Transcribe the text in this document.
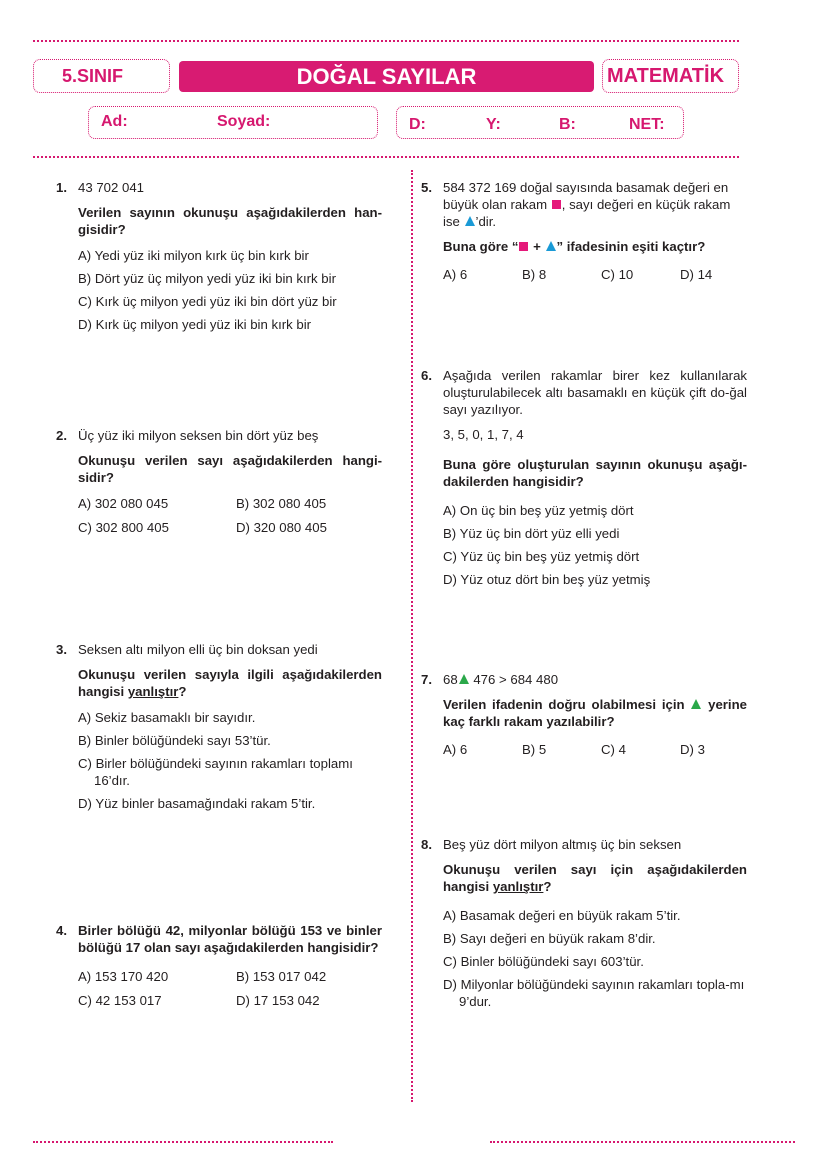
5.SINIF	DOĞAL SAYILAR	MATEMATİK
Ad:	Soyad:	D:	Y:	B:	NET:
1. 43 702 041
Verilen sayının okunuşu aşağıdakilerden han-gisidir?
A) Yedi yüz iki milyon kırk üç bin kırk bir
B) Dört yüz üç milyon yedi yüz iki bin kırk bir
C) Kırk üç milyon yedi yüz iki bin dört yüz bir
D) Kırk üç milyon yedi yüz iki bin kırk bir
2. Üç yüz iki milyon seksen bin dört yüz beş
Okunuşu verilen sayı aşağıdakilerden hangi-sidir?
A) 302 080 045	B) 302 080 405
C) 302 800 405	D) 320 080 405
3. Seksen altı milyon elli üç bin doksan yedi
Okunuşu verilen sayıyla ilgili aşağıdakilerden hangisi yanlıştır?
A) Sekiz basamaklı bir sayıdır.
B) Binler bölüğündeki sayı 53’tür.
C) Birler bölüğündeki sayının rakamları toplamı 16’dır.
D) Yüz binler basamağındaki rakam 5’tir.
4. Birler bölüğü 42, milyonlar bölüğü 153 ve binler bölüğü 17 olan sayı aşağıdakilerden hangisidir?
A) 153 170 420	B) 153 017 042
C) 42 153 017	D) 17 153 042
5. 584 372 169 doğal sayısında basamak değeri en büyük olan rakam , sayı değeri en küçük rakam ise ’dir.
Buna göre “ + ” ifadesinin eşiti kaçtır?
A) 6	B) 8	C) 10	D) 14
6. Aşağıda verilen rakamlar birer kez kullanılarak oluşturulabilecek altı basamaklı en küçük çift do-ğal sayı yazılıyor.
3, 5, 0, 1, 7, 4
Buna göre oluşturulan sayının okunuşu aşağı-dakilerden hangisidir?
A) On üç bin beş yüz yetmiş dört
B) Yüz üç bin dört yüz elli yedi
C) Yüz üç bin beş yüz yetmiş dört
D) Yüz otuz dört bin beş yüz yetmiş
7. 68 476 > 684 480
Verilen ifadenin doğru olabilmesi için  yerine kaç farklı rakam yazılabilir?
A) 6	B) 5	C) 4	D) 3
8. Beş yüz dört milyon altmış üç bin seksen
Okunuşu verilen sayı için aşağıdakilerden hangisi yanlıştır?
A) Basamak değeri en büyük rakam 5’tir.
B) Sayı değeri en büyük rakam 8’dir.
C) Binler bölüğündeki sayı 603’tür.
D) Milyonlar bölüğündeki sayının rakamları topla-mı 9’dur.
